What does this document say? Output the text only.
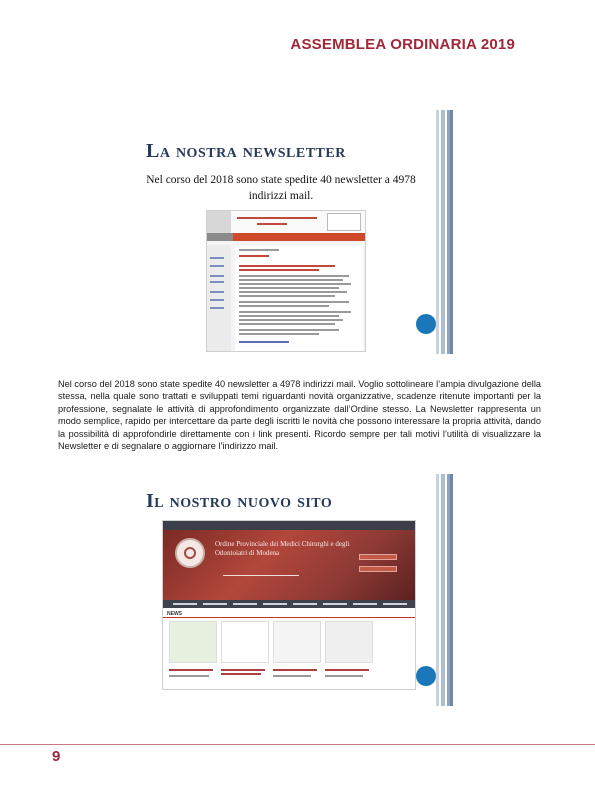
ASSEMBLEA ORDINARIA 2019
La nostra newsletter
Nel corso del 2018 sono state spedite 40 newsletter a 4978 indirizzi mail.
Nel corso del 2018 sono state spedite 40 newsletter a 4978 indirizzi mail. Voglio sottolineare l’ampia divulgazione della stessa, nella quale sono trattati e sviluppati temi riguardanti novità organizzative, scadenze ritenute importanti per la professione, segnalate le attività di approfondimento organizzate dall’Ordine stesso. La Newsletter rappresenta un modo semplice, rapido per intercettare da parte degli iscritti le novità che possono interessare la propria attività, dando la possibilità di approfondirle direttamente con i link presenti. Ricordo sempre per tali motivi l’utilità di visualizzare la Newsletter e di segnalare o aggiornare l’indirizzo mail.
Il nostro nuovo sito
Ordine Provinciale dei Medici Chirurghi e degli Odontoiatri di Modena
NEWS
9
